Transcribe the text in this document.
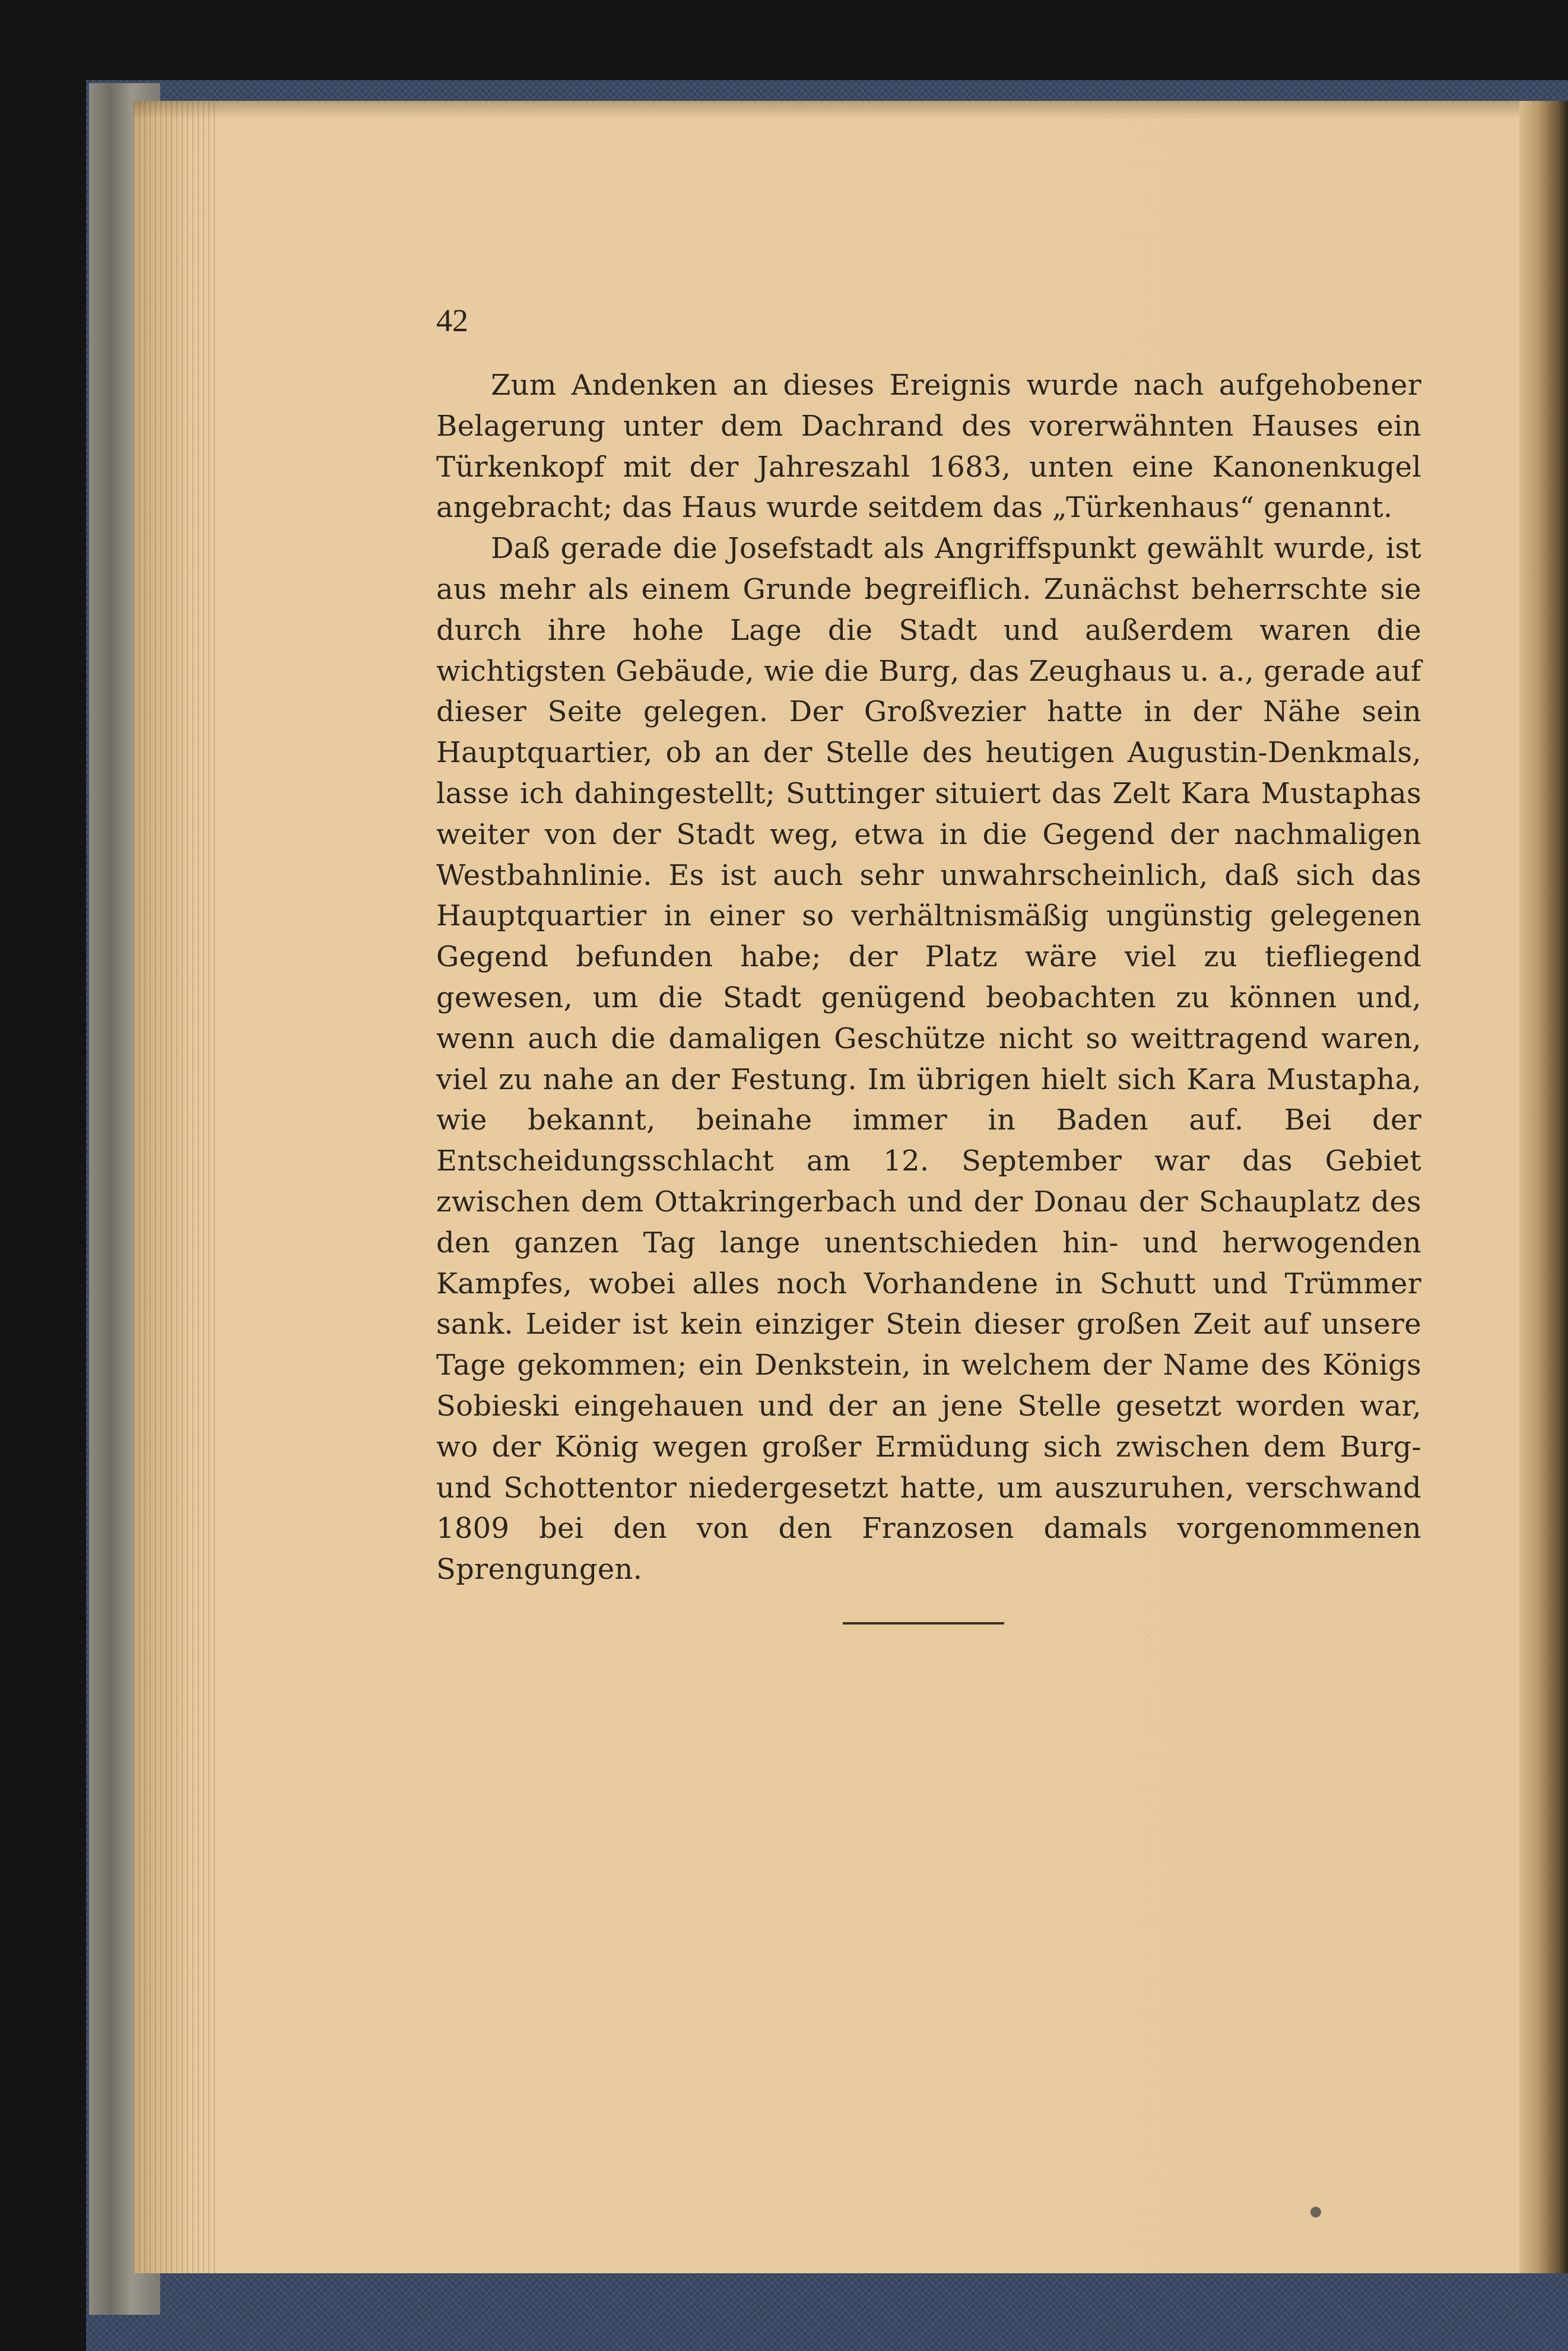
42

Zum Andenken an dieses Ereignis wurde nach aufgehobener Belagerung unter dem Dachrand des vorerwähnten Hauses ein Türkenkopf mit der Jahreszahl 1683, unten eine Kanonenkugel angebracht; das Haus wurde seitdem das „Türkenhaus“ genannt.

Daß gerade die Josefstadt als Angriffspunkt gewählt wurde, ist aus mehr als einem Grunde begreiflich. Zunächst beherrschte sie durch ihre hohe Lage die Stadt und außerdem waren die wichtigsten Gebäude, wie die Burg, das Zeughaus u. a., gerade auf dieser Seite gelegen. Der Großvezier hatte in der Nähe sein Hauptquartier, ob an der Stelle des heutigen Augustin-Denkmals, lasse ich dahingestellt; Suttinger situiert das Zelt Kara Mustaphas weiter von der Stadt weg, etwa in die Gegend der nachmaligen Westbahnlinie. Es ist auch sehr unwahrscheinlich, daß sich das Hauptquartier in einer so verhältnismäßig ungünstig gelegenen Gegend befunden habe; der Platz wäre viel zu tiefliegend gewesen, um die Stadt genügend beobachten zu können und, wenn auch die damaligen Geschütze nicht so weittragend waren, viel zu nahe an der Festung. Im übrigen hielt sich Kara Mustapha, wie bekannt, beinahe immer in Baden auf. Bei der Entscheidungsschlacht am 12. September war das Gebiet zwischen dem Ottakringerbach und der Donau der Schauplatz des den ganzen Tag lange unentschieden hin- und herwogenden Kampfes, wobei alles noch Vorhandene in Schutt und Trümmer sank. Leider ist kein einziger Stein dieser großen Zeit auf unsere Tage gekommen; ein Denkstein, in welchem der Name des Königs Sobieski eingehauen und der an jene Stelle gesetzt worden war, wo der König wegen großer Ermüdung sich zwischen dem Burg- und Schottentor niedergesetzt hatte, um auszuruhen, verschwand 1809 bei den von den Franzosen damals vorgenommenen Sprengungen.
